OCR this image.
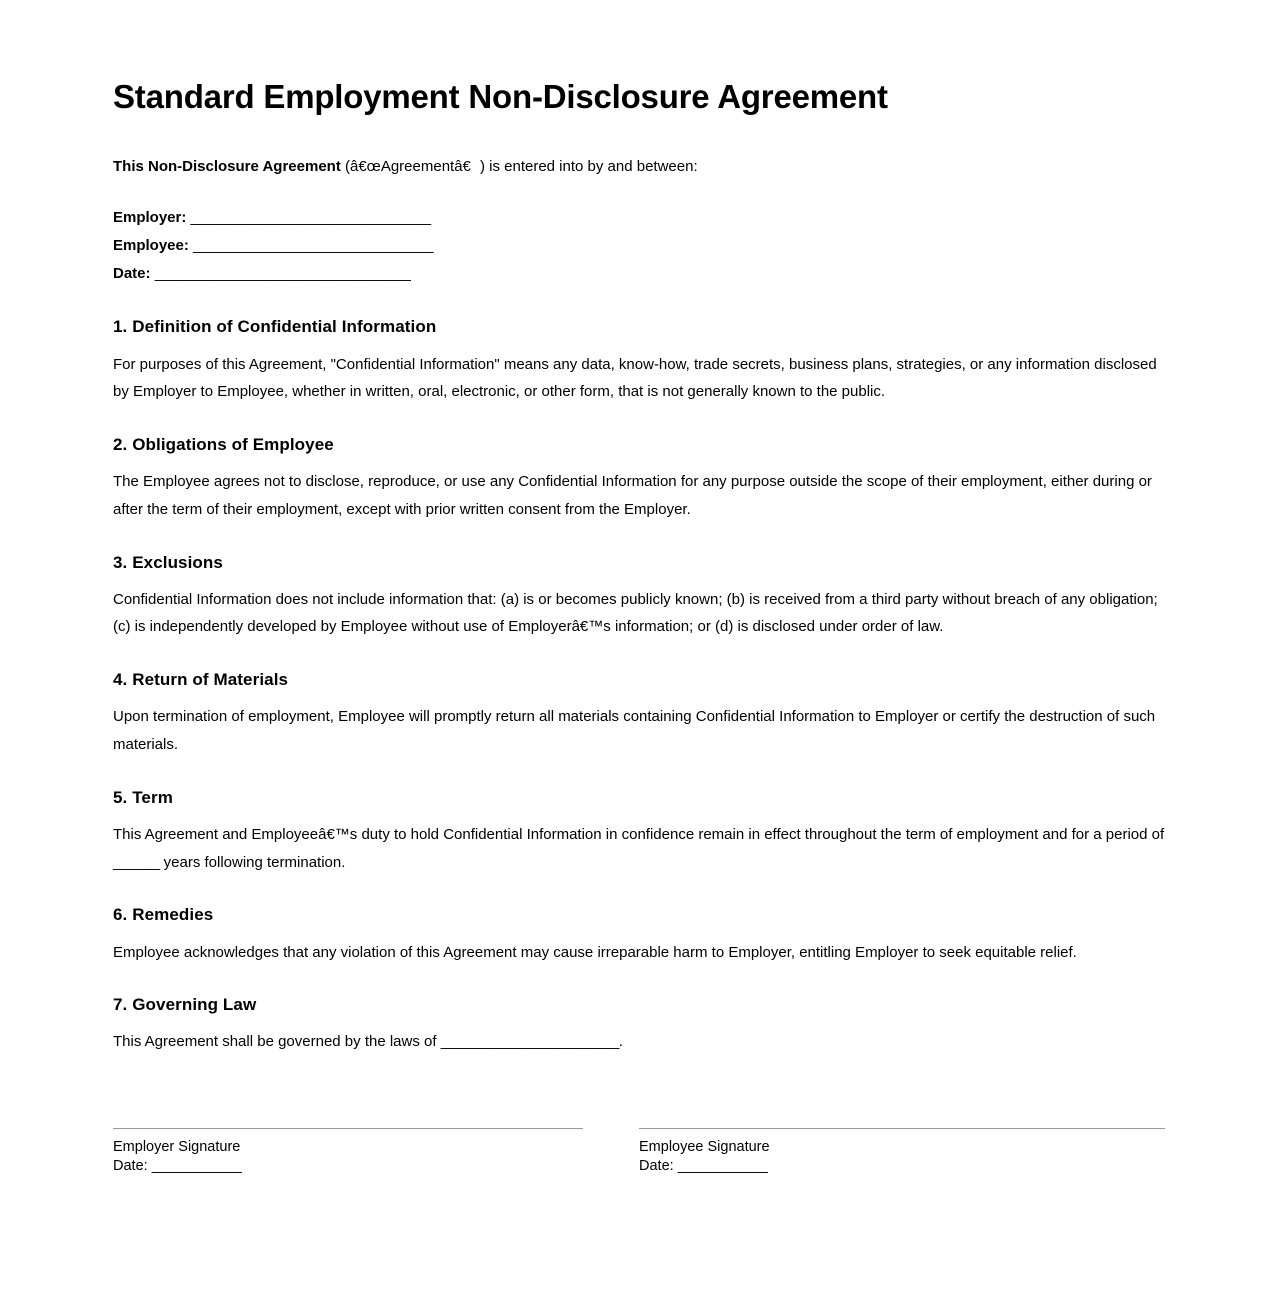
Standard Employment Non-Disclosure Agreement

This Non-Disclosure Agreement (â€œAgreementâ€) is entered into by and between:

Employer: _______________________________
Employee: _______________________________
Date: _________________________________
1. Definition of Confidential Information

For purposes of this Agreement, "Confidential Information" means any data, know-how, trade secrets, business plans, strategies, or any information disclosed by Employer to Employee, whether in written, oral, electronic, or other form, that is not generally known to the public.

2. Obligations of Employee

The Employee agrees not to disclose, reproduce, or use any Confidential Information for any purpose outside the scope of their employment, either during or after the term of their employment, except with prior written consent from the Employer.

3. Exclusions

Confidential Information does not include information that: (a) is or becomes publicly known; (b) is received from a third party without breach of any obligation; (c) is independently developed by Employee without use of Employerâ€™s information; or (d) is disclosed under order of law.

4. Return of Materials

Upon termination of employment, Employee will promptly return all materials containing Confidential Information to Employer or certify the destruction of such materials.

5. Term

This Agreement and Employeeâ€™s duty to hold Confidential Information in confidence remain in effect throughout the term of employment and for a period of ______ years following termination.

6. Remedies

Employee acknowledges that any violation of this Agreement may cause irreparable harm to Employer, entitling Employer to seek equitable relief.

7. Governing Law

This Agreement shall be governed by the laws of _______________________.

Employer Signature
Date: ____________
Employee Signature
Date: ____________
